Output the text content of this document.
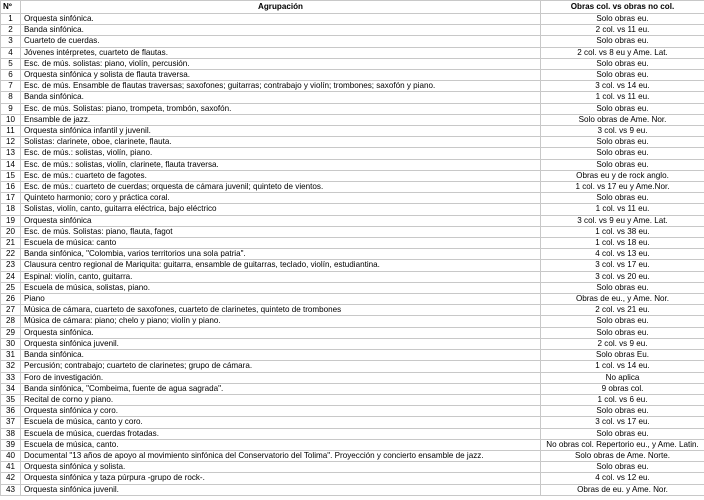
Nº	Agrupación	Obras col. vs obras no col.
1	Orquesta sinfónica.	Solo obras eu.
2	Banda sinfónica.	2 col. vs 11 eu.
3	Cuarteto de cuerdas.	Solo obras eu.
4	Jóvenes intérpretes, cuarteto de flautas.	2 col. vs 8 eu y Ame. Lat.
5	Esc. de mús. solistas: piano, violín, percusión.	Solo obras eu.
6	Orquesta sinfónica y solista de flauta traversa.	Solo obras eu.
7	Esc. de mús. Ensamble de flautas traversas; saxofones; guitarras; contrabajo y violín; trombones; saxofón y piano.	3 col. vs 14 eu.
8	Banda sinfónica.	1 col. vs 11 eu.
9	Esc. de mús. Solistas: piano, trompeta, trombón, saxofón.	Solo obras eu.
10	Ensamble de jazz.	Solo obras de Ame. Nor.
11	Orquesta sinfónica infantil y juvenil.	3 col. vs 9 eu.
12	Solistas: clarinete, oboe, clarinete, flauta.	Solo obras eu.
13	Esc. de mús.: solistas, violín, piano.	Solo obras eu.
14	Esc. de mús.: solistas, violín, clarinete, flauta traversa.	Solo obras eu.
15	Esc. de mús.: cuarteto de fagotes.	Obras eu y de rock anglo.
16	Esc. de mús.: cuarteto de cuerdas; orquesta de cámara juvenil; quinteto de vientos.	1 col. vs 17 eu y Ame.Nor.
17	Quinteto harmonio; coro y práctica coral.	Solo obras eu.
18	Solistas, violín, canto, guitarra eléctrica, bajo eléctrico	1 col. vs 11 eu.
19	Orquesta sinfónica	3 col. vs 9 eu y Ame. Lat.
20	Esc. de mús. Solistas: piano, flauta, fagot	1 col. vs 38 eu.
21	Escuela de música: canto	1 col. vs 18 eu.
22	Banda sinfónica, "Colombia, varios territorios una sola patria".	4 col. vs 13 eu.
23	Clausura centro regional de Mariquita: guitarra, ensamble de guitarras, teclado, violín, estudiantina.	3 col. vs 17 eu.
24	Espinal: violín, canto, guitarra.	3 col. vs 20 eu.
25	Escuela de música, solistas, piano.	Solo obras eu.
26	Piano	Obras de eu., y Ame. Nor.
27	Música de cámara, cuarteto de saxofones, cuarteto de clarinetes, quinteto de trombones	2 col. vs 21 eu.
28	Música de cámara: piano; chelo y piano; violín y piano.	Solo obras eu.
29	Orquesta sinfónica.	Solo obras eu.
30	Orquesta sinfónica juvenil.	2 col. vs 9 eu.
31	Banda sinfónica.	Solo obras Eu.
32	Percusión; contrabajo; cuarteto de clarinetes; grupo de cámara.	1 col. vs 14 eu.
33	Foro de investigación.	No aplica
34	Banda sinfónica, "Combeima, fuente de agua sagrada".	9 obras col.
35	Recital de corno y piano.	1 col. vs 6 eu.
36	Orquesta sinfónica y coro.	Solo obras eu.
37	Escuela de música, canto y coro.	3 col. vs 17 eu.
38	Escuela de música, cuerdas frotadas.	Solo obras eu.
39	Escuela de música, canto.	No obras col. Repertorio eu., y Ame. Latin.
40	Documental "13 años de apoyo al movimiento sinfónica del Conservatorio del Tolima". Proyección y concierto ensamble de jazz.	Solo obras de Ame. Norte.
41	Orquesta sinfónica y solista.	Solo obras eu.
42	Orquesta sinfónica y taza púrpura -grupo de rock-.	4 col. vs 12 eu.
43	Orquesta sinfónica juvenil.	Obras de eu. y Ame. Nor.
